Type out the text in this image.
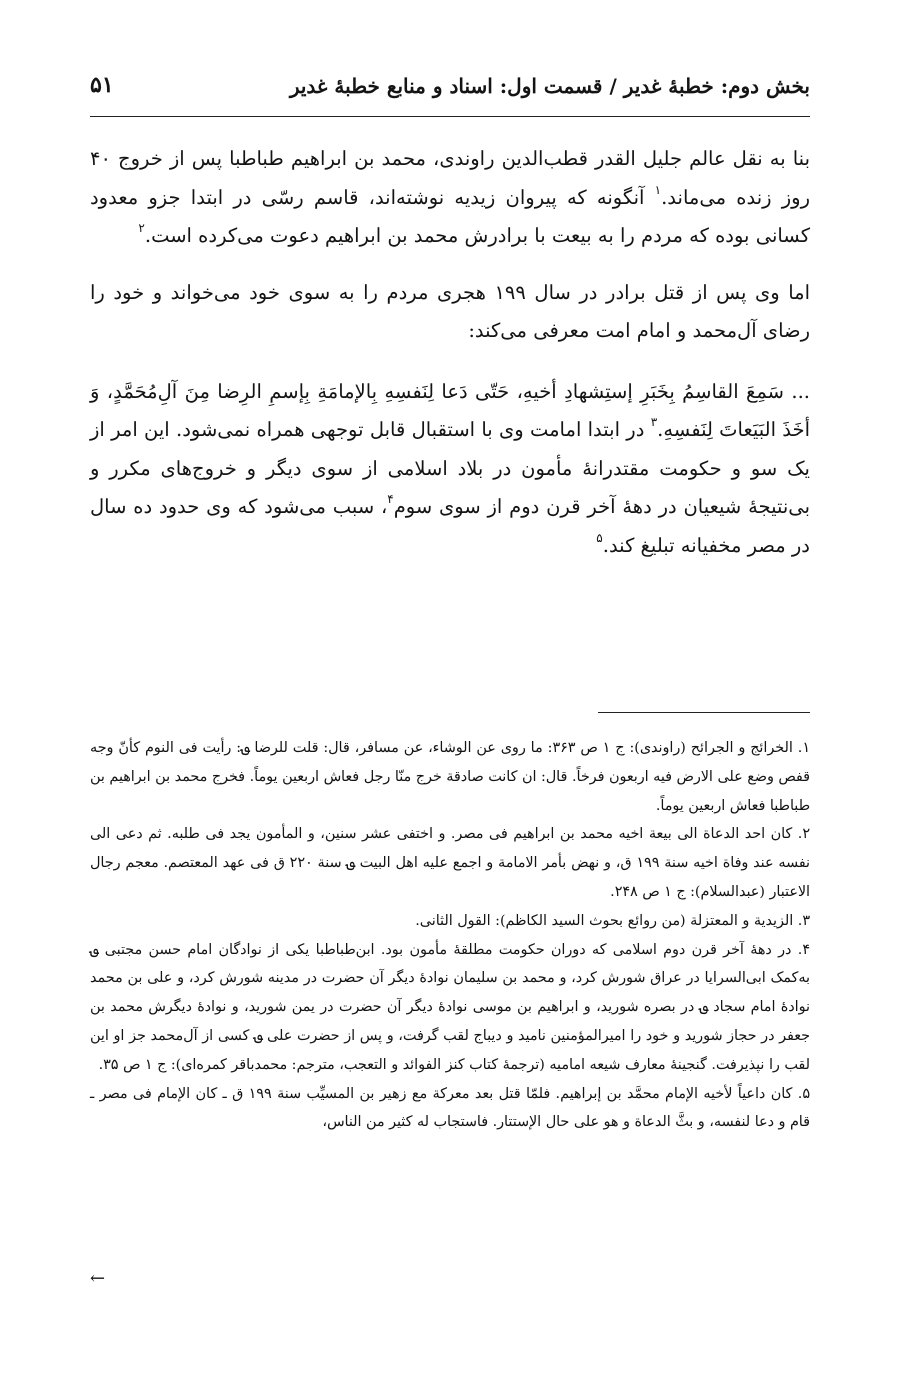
بخش دوم: خطبهٔ غدیر / قسمت اول: اسناد و منابع خطبهٔ غدیر
۵۱

بنا به نقل عالم جلیل القدر قطب‌الدین راوندی، محمد بن ابراهیم طباطبا پس از خروج ۴۰ روز زنده می‌ماند.$^۱$ آنگونه که پیروان زیدیه نوشته‌اند، قاسم رسّی در ابتدا جزو معدود کسانی بوده که مردم را به بیعت با برادرش محمد بن ابراهیم دعوت می‌کرده است.$^۲$

اما وی پس از قتل برادر در سال ۱۹۹ هجری مردم را به سوی خود می‌خواند و خود را رضای آل‌محمد و امام امت معرفی می‌کند:

... سَمِعَ القاسِمُ بِخَبَرِ إستِشهادِ أخیهِ، حَتّی دَعا لِنَفسِهِ بِالإمامَةِ بِإسمِ الرِضا مِنَ آلِ‌مُحَمَّدٍ، وَ أخَذَ البَیَعاتَ لِنَفسِهِ.$^۳$ در ابتدا امامت وی با استقبال قابل توجهی همراه نمی‌شود. این امر از یک سو و حکومت مقتدرانهٔ مأمون در بلاد اسلامی از سوی دیگر و خروج‌های مکرر و بی‌نتیجهٔ شیعیان در دههٔ آخر قرن دوم از سوی سوم$^۴$، سبب می‌شود که وی حدود ده سال در مصر مخفیانه تبلیغ کند.$^۵$

۱. الخرائج و الجرائح (راوندی): ج ۱ ص ۳۶۳: ما روی عن الوشاء، عن مسافر، قال: قلت للرضا ؈: رأیت فی النوم کأنّ وجه قفص وضع علی الارض فیه اربعون فرخاً. قال: ان کانت صادقة خرج منّا رجل فعاش اربعین یوماً. فخرج محمد بن ابراهیم بن طباطبا فعاش اربعین یوماً.

۲. کان احد الدعاة الی بیعة اخیه محمد بن ابراهیم فی مصر. و اختفی عشر سنین، و المأمون یجد فی طلبه. ثم دعی الی نفسه عند وفاة اخیه سنة ۱۹۹ ق، و نهض بأمر الامامة و اجمع علیه اهل البیت ؈ سنة ۲۲۰ ق فی عهد المعتصم. معجم رجال الاعتبار (عبدالسلام): ج ۱ ص ۲۴۸.

۳. الزیدیة و المعتزلة (من روائع بحوث السید الکاظم): القول الثانی.

۴. در دههٔ آخر قرن دوم اسلامی که دوران حکومت مطلقهٔ مأمون بود. ابن‌طباطبا یکی از نوادگان امام حسن مجتبی ؈ به‌کمک ابی‌السرایا در عراق شورش کرد، و محمد بن سلیمان نوادهٔ دیگر آن حضرت در مدینه شورش کرد، و علی بن محمد نوادهٔ امام سجاد ؈ در بصره شورید، و ابراهیم بن موسی نوادهٔ دیگر آن حضرت در یمن شورید، و نوادهٔ دیگرش محمد بن جعفر در حجاز شورید و خود را امیرالمؤمنین نامید و دیباج لقب گرفت، و پس از حضرت علی ؈ کسی از آل‌محمد جز او این لقب را نپذیرفت. گنجینهٔ معارف شیعه امامیه (ترجمهٔ کتاب کنز الفوائد و التعجب، مترجم: محمدباقر کمره‌ای): ج ۱ ص ۳۵.

۵. کان داعیاً لأخیه الإمام محمَّد بن إبراهیم. فلمّا قتل بعد معرکة مع زهیر بن المسیِّب سنة ۱۹۹ ق ـ کان الإمام فی مصر ـ قام و دعا لنفسه، و بثَّ الدعاة و هو علی حال الإستتار. فاستجاب له کثیر من الناس،

←
